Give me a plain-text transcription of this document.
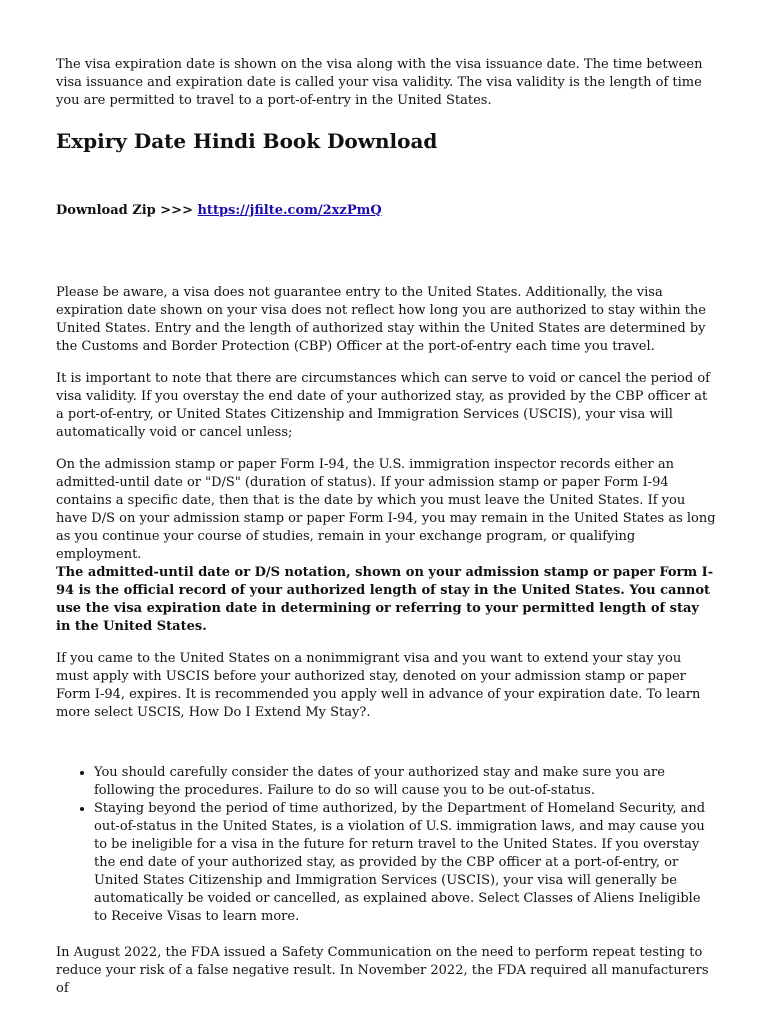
The visa expiration date is shown on the visa along with the visa issuance date. The time between visa issuance and expiration date is called your visa validity. The visa validity is the length of time you are permitted to travel to a port-of-entry in the United States.

Expiry Date Hindi Book Download

Download Zip >>> https://jfilte.com/2xzPmQ

Please be aware, a visa does not guarantee entry to the United States. Additionally, the visa expiration date shown on your visa does not reflect how long you are authorized to stay within the United States. Entry and the length of authorized stay within the United States are determined by the Customs and Border Protection (CBP) Officer at the port-of-entry each time you travel.

It is important to note that there are circumstances which can serve to void or cancel the period of visa validity. If you overstay the end date of your authorized stay, as provided by the CBP officer at a port-of-entry, or United States Citizenship and Immigration Services (USCIS), your visa will automatically void or cancel unless;

On the admission stamp or paper Form I-94, the U.S. immigration inspector records either an admitted-until date or "D/S" (duration of status). If your admission stamp or paper Form I-94 contains a specific date, then that is the date by which you must leave the United States. If you have D/S on your admission stamp or paper Form I-94, you may remain in the United States as long as you continue your course of studies, remain in your exchange program, or qualifying employment.
The admitted-until date or D/S notation, shown on your admission stamp or paper Form I-94 is the official record of your authorized length of stay in the United States. You cannot use the visa expiration date in determining or referring to your permitted length of stay in the United States.

If you came to the United States on a nonimmigrant visa and you want to extend your stay you must apply with USCIS before your authorized stay, denoted on your admission stamp or paper Form I-94, expires. It is recommended you apply well in advance of your expiration date. To learn more select USCIS, How Do I Extend My Stay?.

• You should carefully consider the dates of your authorized stay and make sure you are following the procedures. Failure to do so will cause you to be out-of-status.
• Staying beyond the period of time authorized, by the Department of Homeland Security, and out-of-status in the United States, is a violation of U.S. immigration laws, and may cause you to be ineligible for a visa in the future for return travel to the United States. If you overstay the end date of your authorized stay, as provided by the CBP officer at a port-of-entry, or United States Citizenship and Immigration Services (USCIS), your visa will generally be automatically be voided or cancelled, as explained above. Select Classes of Aliens Ineligible to Receive Visas to learn more.

In August 2022, the FDA issued a Safety Communication on the need to perform repeat testing to reduce your risk of a false negative result. In November 2022, the FDA required all manufacturers of
